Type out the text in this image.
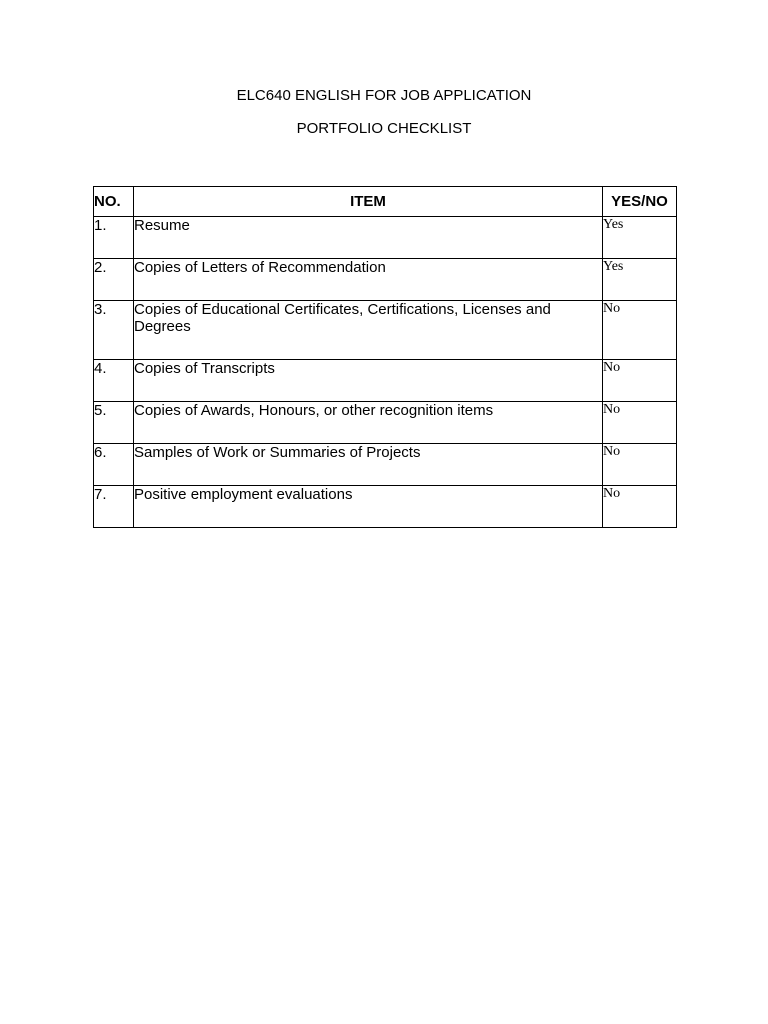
ELC640 ENGLISH FOR JOB APPLICATION
PORTFOLIO CHECKLIST
NO.	ITEM	YES/NO
1.	Resume	Yes
2.	Copies of Letters of Recommendation	Yes
3.	Copies of Educational Certificates, Certifications, Licenses and Degrees	No
4.	Copies of Transcripts	No
5.	Copies of Awards, Honours, or other recognition items	No
6.	Samples of Work or Summaries of Projects	No
7.	Positive employment evaluations	No
